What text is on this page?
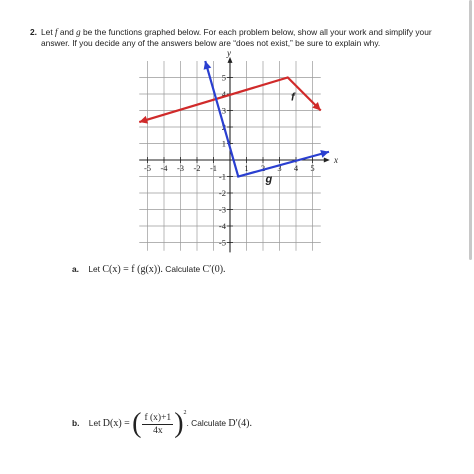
2. Let f and g be the functions graphed below. For each problem below, show all your work and simplify your
answer. If you decide any of the answers below are “does not exist,” be sure to explain why.
-5 -4 -3 -2 -1	1 2 3 4 5
5
4
3
2
1
-1
-2
-3
-4
-5
x
y
f
g
a. Let C(x) = f (g(x)). Calculate C′(0).
b. Let D(x) = ( $\frac{f (x)+1}{4x} )^2$. Calculate D′(4).
